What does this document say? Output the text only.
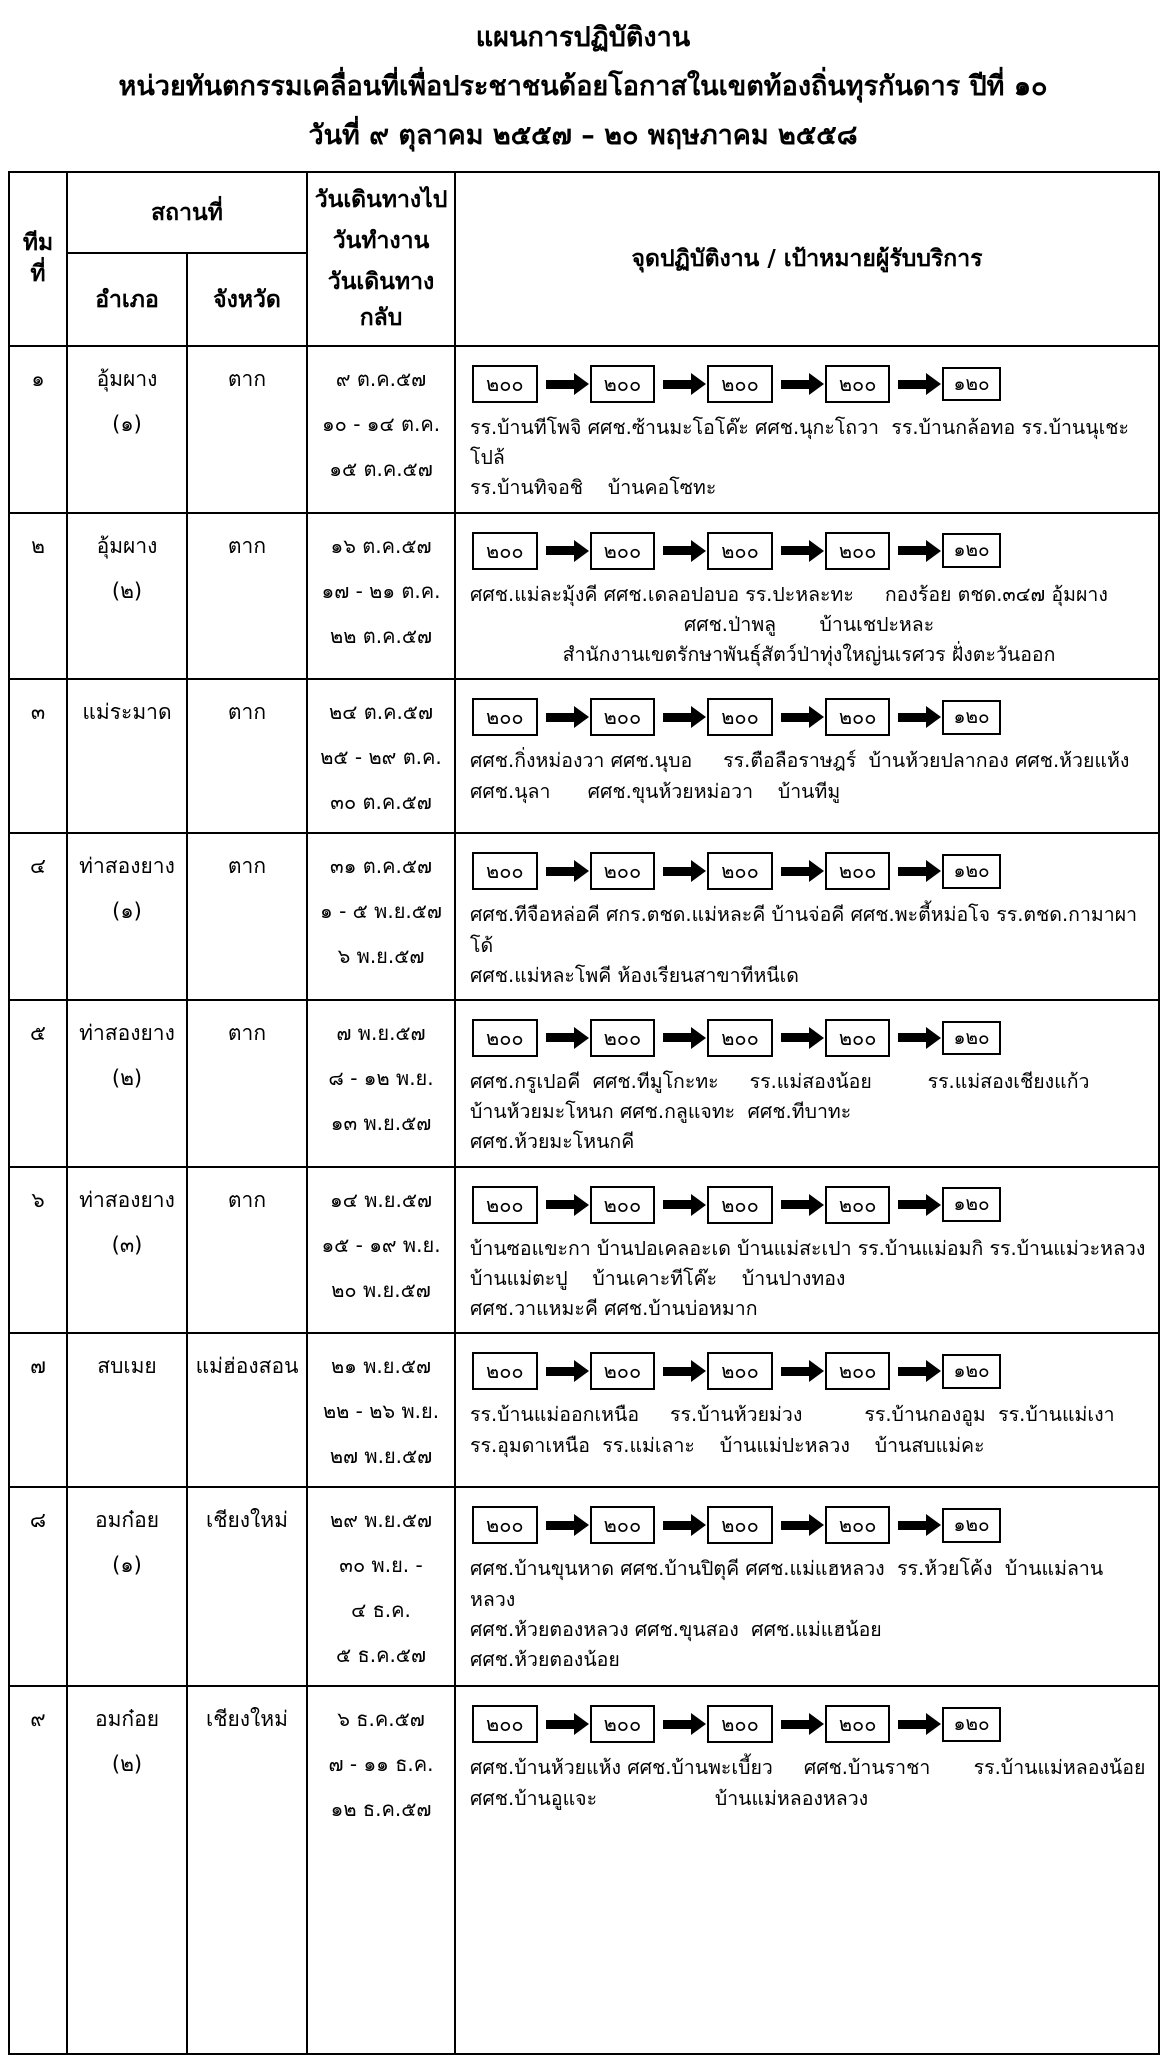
แผนการปฏิบัติงาน
หน่วยทันตกรรมเคลื่อนที่เพื่อประชาชนด้อยโอกาสในเขตท้องถิ่นทุรกันดาร ปีที่ ๑๐
วันที่ ๙ ตุลาคม ๒๕๕๗ – ๒๐ พฤษภาคม ๒๕๕๘
ทีม
ที่
	สถานที่	วันเดินทางไป
วันทำงาน
วันเดินทางกลับ
	จุดปฏิบัติงาน / เป้าหมายผู้รับบริการ
	อำเภอ	จังหวัด		
๑	อุ้มผาง
(๑)
	ตาก	๙ ต.ค.๕๗
๑๐ - ๑๔ ต.ค.
๑๕ ต.ค.๕๗

๒๐๐	๒๐๐	๒๐๐	๒๐๐	๑๒๐
รร.บ้านทีโพจิ ศศช.ซ้านมะโอโค๊ะ ศศช.นุกะโถวา  รร.บ้านกล้อทอ รร.บ้านนุเชะโปล้
รร.บ้านทิจอชิ    บ้านคอโซทะ

๒	อุ้มผาง
(๒)
	ตาก	๑๖ ต.ค.๕๗
๑๗ - ๒๑ ต.ค.
๒๒ ต.ค.๕๗

๒๐๐	๒๐๐	๒๐๐	๒๐๐	๑๒๐
ศศช.แม่ละมุ้งคี ศศช.เดลอปอบอ รร.ปะหละทะ     กองร้อย ตชด.๓๔๗ อุ้มผาง
ศศช.ป่าพลู       บ้านเชปะหละ
สำนักงานเขตรักษาพันธุ์สัตว์ป่าทุ่งใหญ่นเรศวร ฝั่งตะวันออก

๓	แม่ระมาด	ตาก	๒๔ ต.ค.๕๗
๒๕ - ๒๙ ต.ค.
๓๐ ต.ค.๕๗

๒๐๐	๒๐๐	๒๐๐	๒๐๐	๑๒๐
ศศช.กิ่งหม่องวา ศศช.นุบอ     รร.ตือลือราษฎร์  บ้านห้วยปลากอง ศศช.ห้วยแห้ง
ศศช.นุลา      ศศช.ขุนห้วยหม่อวา    บ้านทีมู

๔	ท่าสองยาง
(๑)
	ตาก	๓๑ ต.ค.๕๗
๑ - ๕ พ.ย.๕๗
๖ พ.ย.๕๗

๒๐๐	๒๐๐	๒๐๐	๒๐๐	๑๒๐
ศศช.ทีจือหล่อคี ศกร.ตชด.แม่หละคี บ้านจ่อคี ศศช.พะตี้หม่อโจ รร.ตชด.กามาผาโด้
ศศช.แม่หละโพคี ห้องเรียนสาขาทีหนีเด

๕	ท่าสองยาง
(๒)
	ตาก	๗ พ.ย.๕๗
๘ - ๑๒ พ.ย.
๑๓ พ.ย.๕๗

๒๐๐	๒๐๐	๒๐๐	๒๐๐	๑๒๐
ศศช.กรูเปอคี  ศศช.ทีมูโกะทะ     รร.แม่สองน้อย         รร.แม่สองเชียงแก้ว
บ้านห้วยมะโหนก ศศช.กลูแจทะ  ศศช.ทีบาทะ
ศศช.ห้วยมะโหนกคี

๖	ท่าสองยาง
(๓)
	ตาก	๑๔ พ.ย.๕๗
๑๕ - ๑๙ พ.ย.
๒๐ พ.ย.๕๗

๒๐๐	๒๐๐	๒๐๐	๒๐๐	๑๒๐
บ้านซอแขะกา บ้านปอเคลอะเด บ้านแม่สะเปา รร.บ้านแม่อมกิ รร.บ้านแม่วะหลวง
บ้านแม่ตะปู    บ้านเคาะทีโค๊ะ    บ้านปางทอง
ศศช.วาแหมะคี ศศช.บ้านบ่อหมาก

๗	สบเมย	แม่ฮ่องสอน	๒๑ พ.ย.๕๗
๒๒ - ๒๖ พ.ย.
๒๗ พ.ย.๕๗

๒๐๐	๒๐๐	๒๐๐	๒๐๐	๑๒๐
รร.บ้านแม่ออกเหนือ     รร.บ้านห้วยม่วง          รร.บ้านกองอูม  รร.บ้านแม่เงา
รร.อุมดาเหนือ  รร.แม่เลาะ    บ้านแม่ปะหลวง    บ้านสบแม่คะ

๘	อมก๋อย
(๑)
	เชียงใหม่	๒๙ พ.ย.๕๗
๓๐ พ.ย. -
๔ ธ.ค.
๕ ธ.ค.๕๗

๒๐๐	๒๐๐	๒๐๐	๒๐๐	๑๒๐
ศศช.บ้านขุนหาด ศศช.บ้านปิตุคี ศศช.แม่แฮหลวง  รร.ห้วยโค้ง  บ้านแม่ลานหลวง
ศศช.ห้วยตองหลวง ศศช.ขุนสอง  ศศช.แม่แฮน้อย
ศศช.ห้วยตองน้อย

๙	อมก๋อย
(๒)
	เชียงใหม่	๖ ธ.ค.๕๗
๗ - ๑๑ ธ.ค.
๑๒ ธ.ค.๕๗

๒๐๐	๒๐๐	๒๐๐	๒๐๐	๑๒๐
ศศช.บ้านห้วยแห้ง ศศช.บ้านพะเบี้ยว     ศศช.บ้านราชา       รร.บ้านแม่หลองน้อย
ศศช.บ้านอูแจะ                   บ้านแม่หลองหลวง
